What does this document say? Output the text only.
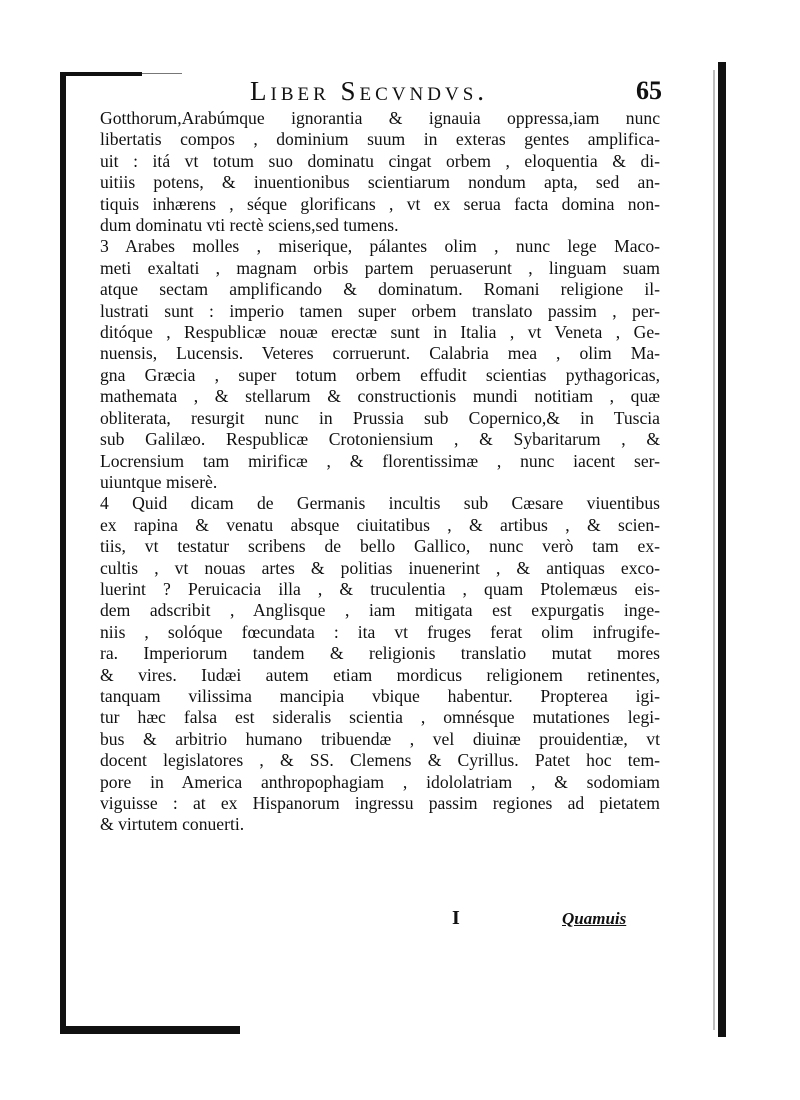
Liber Secvndvs.	65
Gotthorum,Arabúmque ignorantia & ignauia oppressa,iam nunc
libertatis compos , dominium suum in exteras gentes amplifica-
uit : itá vt totum suo dominatu cingat orbem , eloquentia & di-
uitiis potens, & inuentionibus scientiarum nondum apta, sed an-
tiquis inhærens , séque glorificans , vt ex serua facta domina non-
dum dominatu vti rectè sciens,sed tumens.
3 Arabes molles , miserique, pálantes olim , nunc lege Maco-
meti exaltati , magnam orbis partem peruaserunt , linguam suam
atque sectam amplificando & dominatum. Romani religione il-
lustrati sunt : imperio tamen super orbem translato passim , per-
ditóque , Respublicæ nouæ erectæ sunt in Italia , vt Veneta , Ge-
nuensis, Lucensis. Veteres corruerunt. Calabria mea , olim Ma-
gna Græcia , super totum orbem effudit scientias pythagoricas,
mathemata , & stellarum & constructionis mundi notitiam , quæ
obliterata, resurgit nunc in Prussia sub Copernico,& in Tuscia
sub Galilæo. Respublicæ Crotoniensium , & Sybaritarum , &
Locrensium tam mirificæ , & florentissimæ , nunc iacent ser-
uiuntque miserè.
4 Quid dicam de Germanis incultis sub Cæsare viuentibus
ex rapina & venatu absque ciuitatibus , & artibus , & scien-
tiis, vt testatur scribens de bello Gallico, nunc verò tam ex-
cultis , vt nouas artes & politias inuenerint , & antiquas exco-
luerint ? Peruicacia illa , & truculentia , quam Ptolemæus eis-
dem adscribit , Anglisque , iam mitigata est expurgatis inge-
niis , solóque fœcundata : ita vt fruges ferat olim infrugife-
ra. Imperiorum tandem & religionis translatio mutat mores
& vires. Iudæi autem etiam mordicus religionem retinentes,
tanquam vilissima mancipia vbique habentur. Propterea igi-
tur hæc falsa est sideralis scientia , omnésque mutationes legi-
bus & arbitrio humano tribuendæ , vel diuinæ prouidentiæ, vt
docent legislatores , & SS. Clemens & Cyrillus. Patet hoc tem-
pore in America anthropophagiam , idololatriam , & sodomiam
viguisse : at ex Hispanorum ingressu passim regiones ad pietatem
& virtutem conuerti.
I	Quamuis
